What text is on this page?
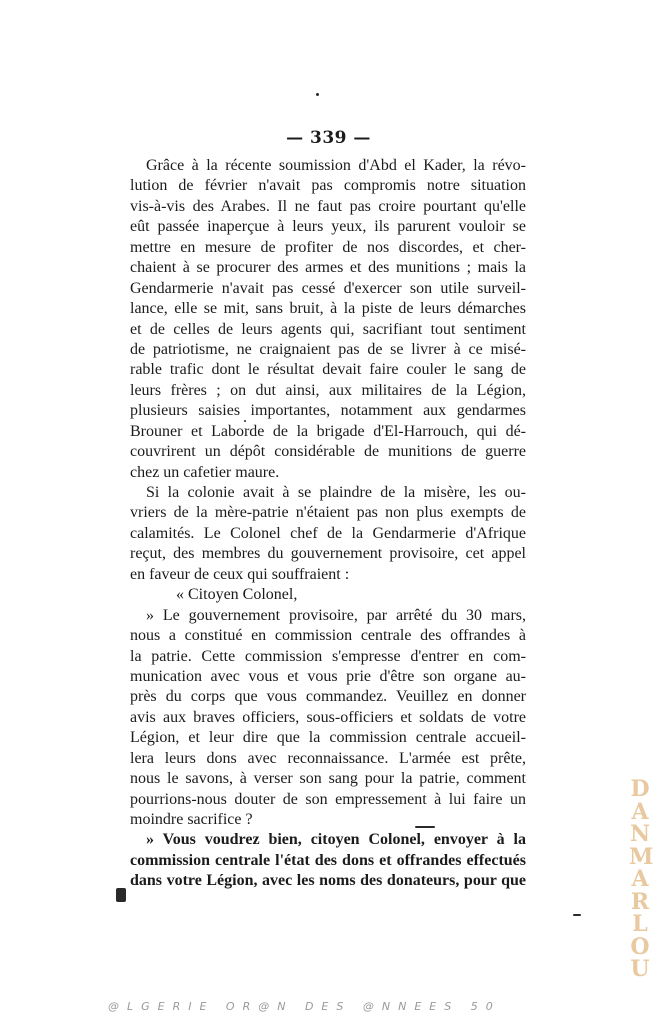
— 339 —
Grâce à la récente soumission d'Abd el Kader, la révo-
lution de février n'avait pas compromis notre situation
vis-à-vis des Arabes. Il ne faut pas croire pourtant qu'elle
eût passée inaperçue à leurs yeux, ils parurent vouloir se
mettre en mesure de profiter de nos discordes, et cher-
chaient à se procurer des armes et des munitions ; mais la
Gendarmerie n'avait pas cessé d'exercer son utile surveil-
lance, elle se mit, sans bruit, à la piste de leurs démarches
et de celles de leurs agents qui, sacrifiant tout sentiment
de patriotisme, ne craignaient pas de se livrer à ce misé-
rable trafic dont le résultat devait faire couler le sang de
leurs frères ; on dut ainsi, aux militaires de la Légion,
plusieurs saisies importantes, notamment aux gendarmes
Brouner et Laborde de la brigade d'El-Harrouch, qui dé-
couvrirent un dépôt considérable de munitions de guerre
chez un cafetier maure.
Si la colonie avait à se plaindre de la misère, les ou-
vriers de la mère-patrie n'étaient pas non plus exempts de
calamités. Le Colonel chef de la Gendarmerie d'Afrique
reçut, des membres du gouvernement provisoire, cet appel
en faveur de ceux qui souffraient :
« Citoyen Colonel,
» Le gouvernement provisoire, par arrêté du 30 mars,
nous a constitué en commission centrale des offrandes à
la patrie. Cette commission s'empresse d'entrer en com-
munication avec vous et vous prie d'être son organe au-
près du corps que vous commandez. Veuillez en donner
avis aux braves officiers, sous-officiers et soldats de votre
Légion, et leur dire que la commission centrale accueil-
lera leurs dons avec reconnaissance. L'armée est prête,
nous le savons, à verser son sang pour la patrie, comment
pourrions-nous douter de son empressement à lui faire un
moindre sacrifice ?
» Vous voudrez bien, citoyen Colonel, envoyer à la
commission centrale l'état des dons et offrandes effectués
dans votre Légion, avec les noms des donateurs, pour que
DANMARLOU
@LGERIE OR@N DES @NNEES 50
